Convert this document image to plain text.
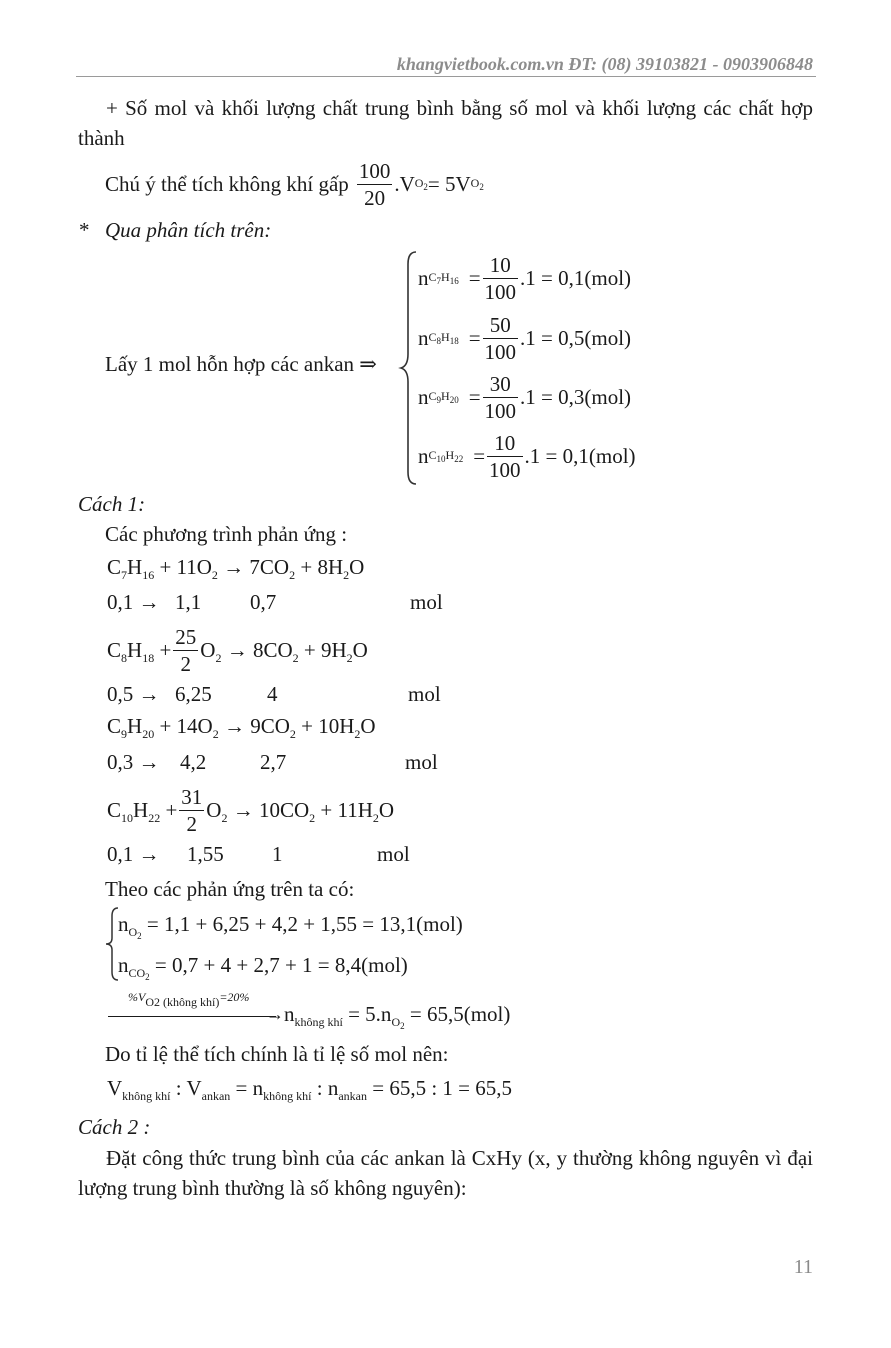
khangvietbook.com.vn ĐT: (08) 39103821 - 0903906848
+ Số mol và khối lượng chất trung bình bằng số mol và khối lượng các chất hợp thành
Chú ý thể tích không khí gấp $\frac{100}{20} .V$ $O_2 = 5V$ $O_2$
* Qua phân tích trên:
Lấy 1 mol hỗn hợp các ankan ⇒
n $C_7H_{16} = \frac{10}{100} .1 = 0,1(mol)$
n $C_8H_{18} = \frac{50}{100} .1 = 0,5(mol)$
n $C_9H_{20} = \frac{30}{100} .1 = 0,3(mol)$
n $C_{10}H_{22} = \frac{10}{100} .1 = 0,1(mol)$
Cách 1:
Các phương trình phản ứng :
$C_7H_{16} + 11O_2 \to 7CO_2 + 8H_2O$
0,1 → 1,1 0,7	mol
$C_8H_{18} + \frac{25}{2} O_2 \to 8CO_2 + 9H_2O$
0,5 → 6,25	4	mol
$C_9H_{20} + 14O_2 \to 9CO_2 + 10H_2O$
0,3 → 4,2	2,7	mol
$C_{10}H_{22} + \frac{31}{2} O_2 \to 10CO_2 + 11H_2O$
0,1 → 1,55 1	mol
Theo các phản ứng trên ta có:
$n_{O_2} = 1,1 + 6,25 + 4,2 + 1,55 = 13,1(mol)$
$n_{CO_2} = 0,7 + 4 + 2,7 + 1 = 8,4(mol)$
$\%V_{O2 (không khí)}=20\%$
→ $n_{không khí} = 5.n_{O_2} = 65,5(mol)$
Do tỉ lệ thể tích chính là tỉ lệ số mol nên:
$V_{không khí}$ : $V_{ankan} = n_{không khí}$ : $n_{ankan} = 65,5$ : 1 = 65,5
Cách 2 :
Đặt công thức trung bình của các ankan là CxHy (x, y thường không nguyên vì đại lượng trung bình thường là số không nguyên):
11
